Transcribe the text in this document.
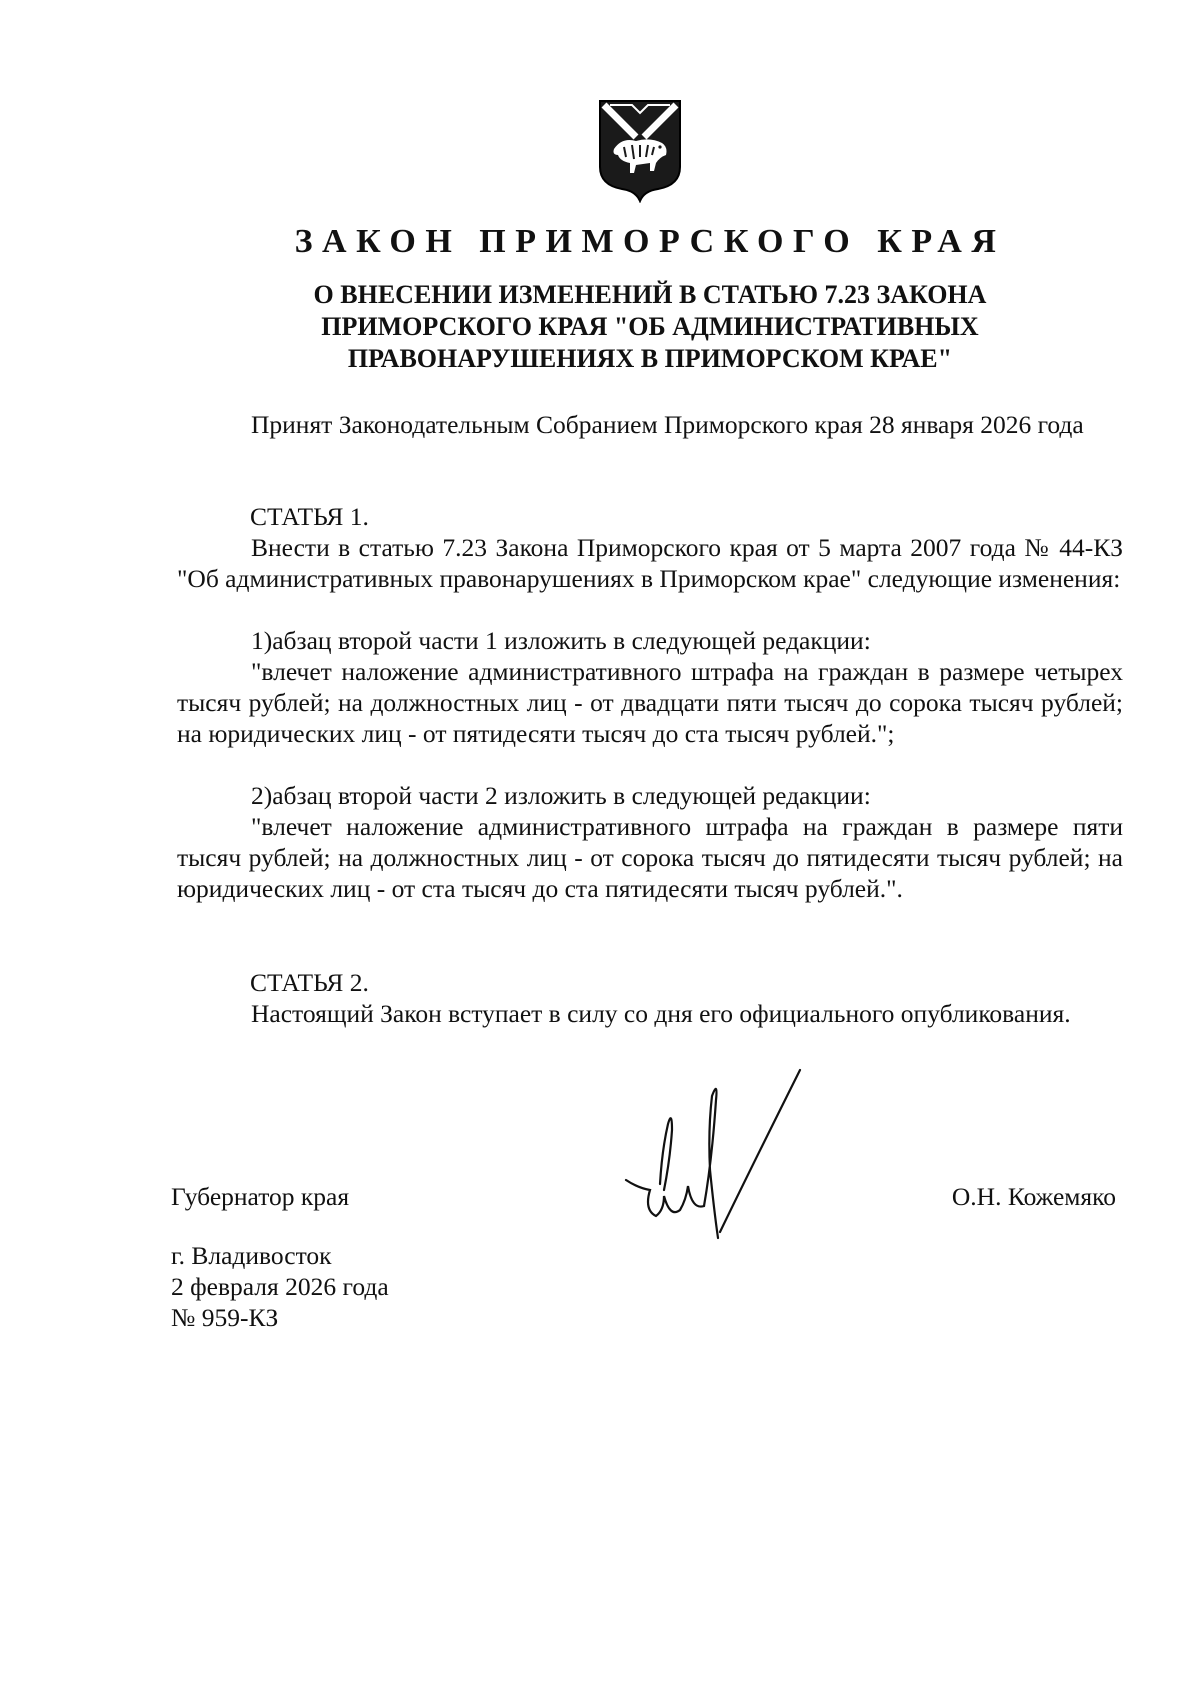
ЗАКОН ПРИМОРСКОГО КРАЯ
О ВНЕСЕНИИ ИЗМЕНЕНИЙ В СТАТЬЮ 7.23 ЗАКОНА
ПРИМОРСКОГО КРАЯ "ОБ АДМИНИСТРАТИВНЫХ
ПРАВОНАРУШЕНИЯХ В ПРИМОРСКОМ КРАЕ"

Принят Законодательным Собранием Приморского края 28 января 2026 года

СТАТЬЯ 1.

Внести в статью 7.23 Закона Приморского края от 5 марта 2007 года № 44-КЗ "Об административных правонарушениях в Приморском крае" следующие изменения:

1)абзац второй части 1 изложить в следующей редакции:

"влечет наложение административного штрафа на граждан в размере четырех тысяч рублей; на должностных лиц - от двадцати пяти тысяч до сорока тысяч рублей; на юридических лиц - от пятидесяти тысяч до ста тысяч рублей.";

2)абзац второй части 2 изложить в следующей редакции:

"влечет наложение административного штрафа на граждан в размере пяти тысяч рублей; на должностных лиц - от сорока тысяч до пятидесяти тысяч рублей; на юридических лиц - от ста тысяч до ста пятидесяти тысяч рублей.".

СТАТЬЯ 2.

Настоящий Закон вступает в силу со дня его официального опубликования.

Губернатор края	О.Н. Кожемяко

г. Владивосток
2 февраля 2026 года
№ 959-КЗ
